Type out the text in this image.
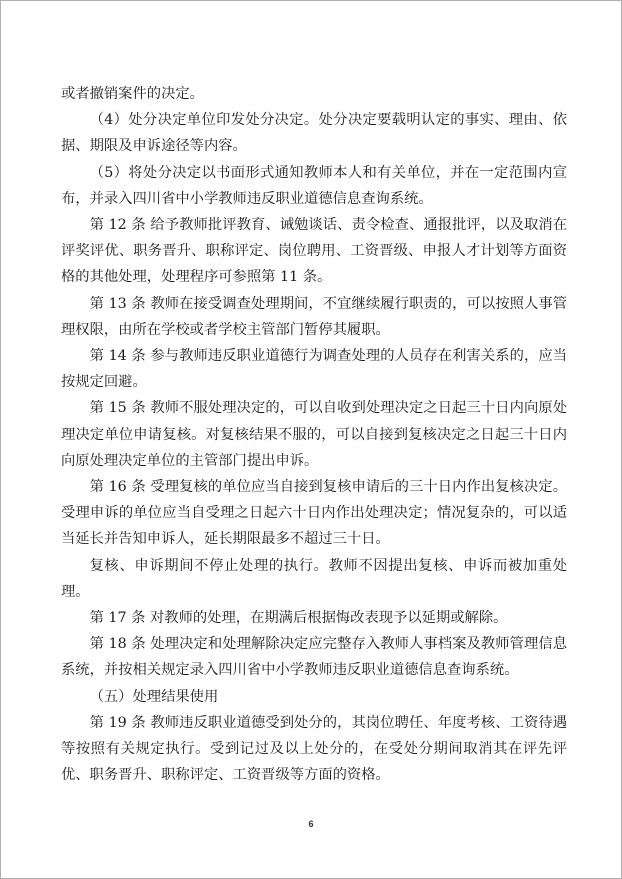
或者撤销案件的决定。

（4）处分决定单位印发处分决定。处分决定要载明认定的事实、理由、依据、期限及申诉途径等内容。

（5）将处分决定以书面形式通知教师本人和有关单位，并在一定范围内宣布，并录入四川省中小学教师违反职业道德信息查询系统。

第 12 条 给予教师批评教育、诫勉谈话、责令检查、通报批评，以及取消在评奖评优、职务晋升、职称评定、岗位聘用、工资晋级、申报人才计划等方面资格的其他处理，处理程序可参照第 11 条。

第 13 条 教师在接受调查处理期间，不宜继续履行职责的，可以按照人事管理权限，由所在学校或者学校主管部门暂停其履职。

第 14 条 参与教师违反职业道德行为调查处理的人员存在利害关系的，应当按规定回避。

第 15 条 教师不服处理决定的，可以自收到处理决定之日起三十日内向原处理决定单位申请复核。对复核结果不服的，可以自接到复核决定之日起三十日内向原处理决定单位的主管部门提出申诉。

第 16 条 受理复核的单位应当自接到复核申请后的三十日内作出复核决定。受理申诉的单位应当自受理之日起六十日内作出处理决定；情况复杂的，可以适当延长并告知申诉人，延长期限最多不超过三十日。

复核、申诉期间不停止处理的执行。教师不因提出复核、申诉而被加重处理。

第 17 条 对教师的处理，在期满后根据悔改表现予以延期或解除。

第 18 条 处理决定和处理解除决定应完整存入教师人事档案及教师管理信息系统，并按相关规定录入四川省中小学教师违反职业道德信息查询系统。

（五）处理结果使用

第 19 条 教师违反职业道德受到处分的，其岗位聘任、年度考核、工资待遇等按照有关规定执行。受到记过及以上处分的，在受处分期间取消其在评先评优、职务晋升、职称评定、工资晋级等方面的资格。

6
